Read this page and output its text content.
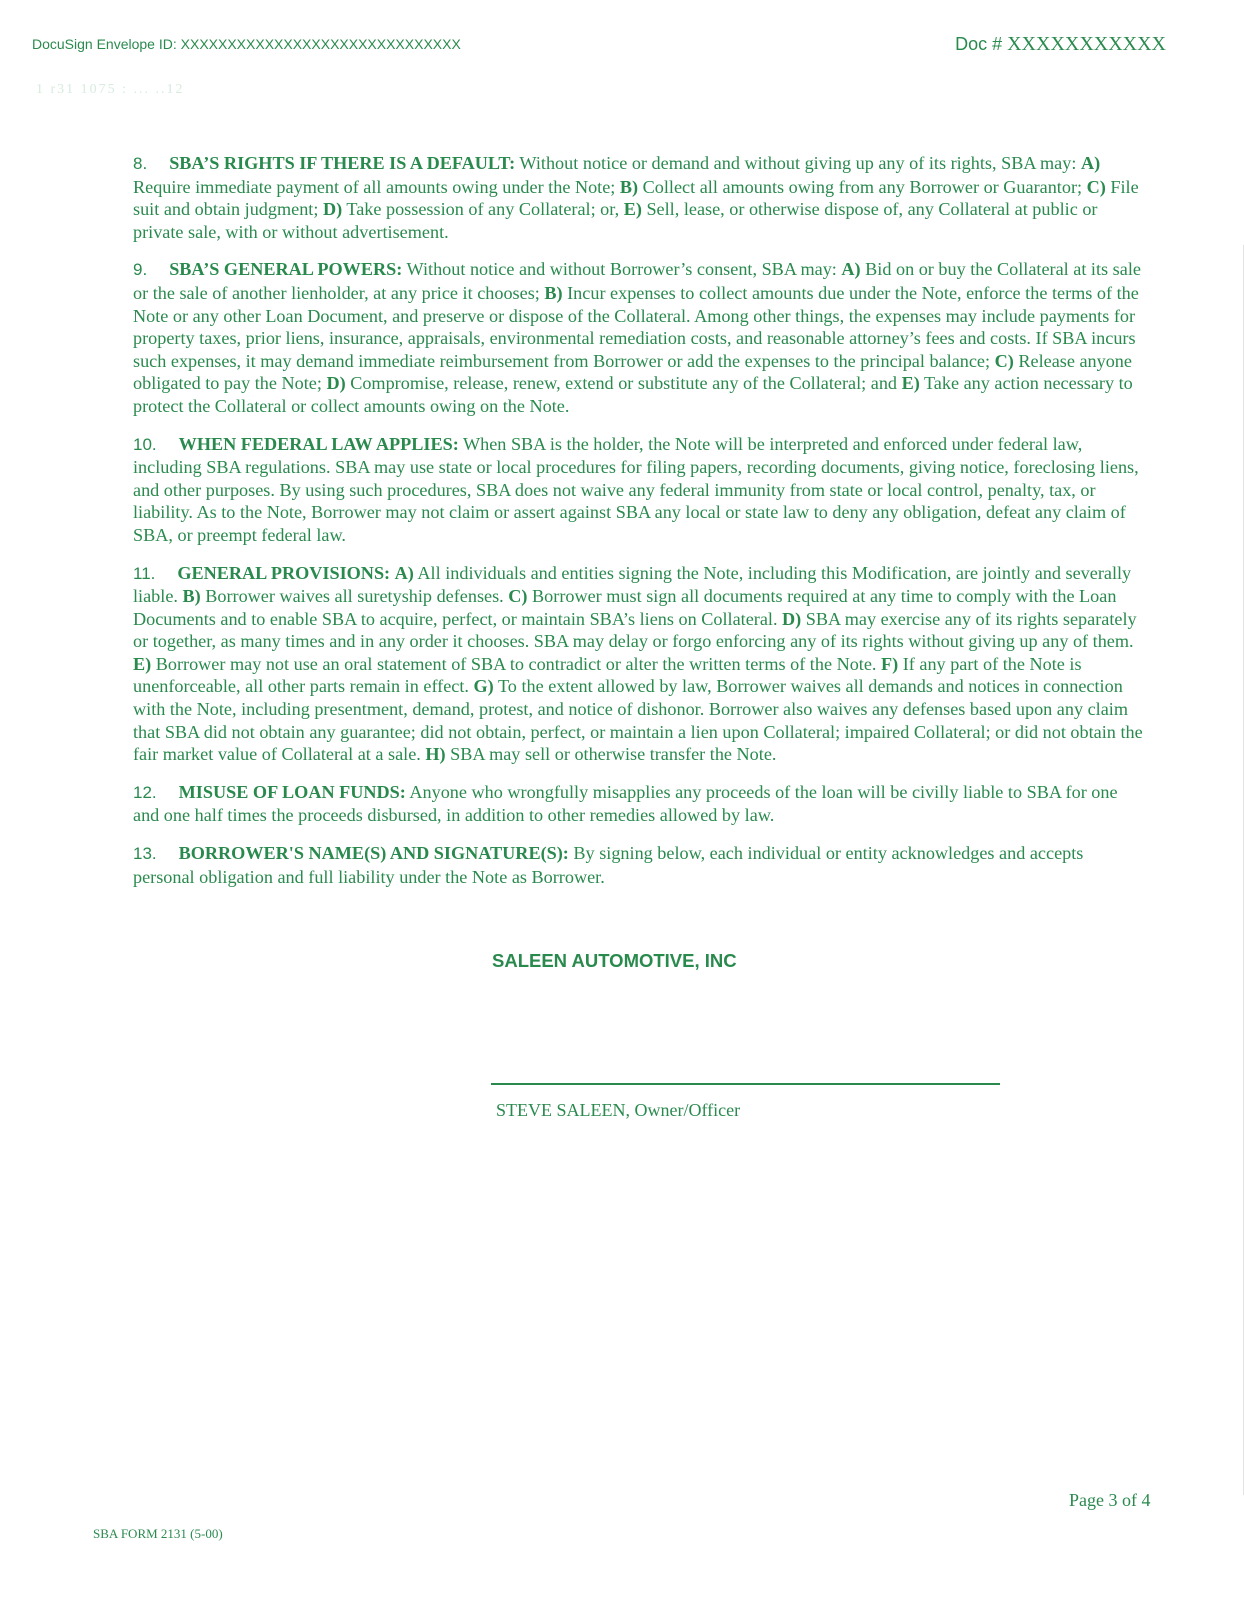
DocuSign Envelope ID: XXXXXXXXXXXXXXXXXXXXXXXXXXXXXX	Doc # XXXXXXXXXXX
1 r31 1075 : ... ..12

8. SBA’S RIGHTS IF THERE IS A DEFAULT: Without notice or demand and without giving up any of its rights, SBA may: A) Require immediate payment of all amounts owing under the Note; B) Collect all amounts owing from any Borrower or Guarantor; C) File suit and obtain judgment; D) Take possession of any Collateral; or, E) Sell, lease, or otherwise dispose of, any Collateral at public or private sale, with or without advertisement.

9. SBA’S GENERAL POWERS: Without notice and without Borrower’s consent, SBA may: A) Bid on or buy the Collateral at its sale or the sale of another lienholder, at any price it chooses; B) Incur expenses to collect amounts due under the Note, enforce the terms of the Note or any other Loan Document, and preserve or dispose of the Collateral. Among other things, the expenses may include payments for property taxes, prior liens, insurance, appraisals, environmental remediation costs, and reasonable attorney’s fees and costs. If SBA incurs such expenses, it may demand immediate reimbursement from Borrower or add the expenses to the principal balance; C) Release anyone obligated to pay the Note; D) Compromise, release, renew, extend or substitute any of the Collateral; and E) Take any action necessary to protect the Collateral or collect amounts owing on the Note.

10. WHEN FEDERAL LAW APPLIES: When SBA is the holder, the Note will be interpreted and enforced under federal law, including SBA regulations. SBA may use state or local procedures for filing papers, recording documents, giving notice, foreclosing liens, and other purposes. By using such procedures, SBA does not waive any federal immunity from state or local control, penalty, tax, or liability. As to the Note, Borrower may not claim or assert against SBA any local or state law to deny any obligation, defeat any claim of SBA, or preempt federal law.

11. GENERAL PROVISIONS: A) All individuals and entities signing the Note, including this Modification, are jointly and severally liable. B) Borrower waives all suretyship defenses. C) Borrower must sign all documents required at any time to comply with the Loan Documents and to enable SBA to acquire, perfect, or maintain SBA’s liens on Collateral. D) SBA may exercise any of its rights separately or together, as many times and in any order it chooses. SBA may delay or forgo enforcing any of its rights without giving up any of them. E) Borrower may not use an oral statement of SBA to contradict or alter the written terms of the Note. F) If any part of the Note is unenforceable, all other parts remain in effect. G) To the extent allowed by law, Borrower waives all demands and notices in connection with the Note, including presentment, demand, protest, and notice of dishonor. Borrower also waives any defenses based upon any claim that SBA did not obtain any guarantee; did not obtain, perfect, or maintain a lien upon Collateral; impaired Collateral; or did not obtain the fair market value of Collateral at a sale. H) SBA may sell or otherwise transfer the Note.

12. MISUSE OF LOAN FUNDS: Anyone who wrongfully misapplies any proceeds of the loan will be civilly liable to SBA for one and one half times the proceeds disbursed, in addition to other remedies allowed by law.

13. BORROWER'S NAME(S) AND SIGNATURE(S): By signing below, each individual or entity acknowledges and accepts personal obligation and full liability under the Note as Borrower.

SALEEN AUTOMOTIVE, INC
STEVE SALEEN, Owner/Officer
Page 3 of 4
SBA FORM 2131 (5-00)
